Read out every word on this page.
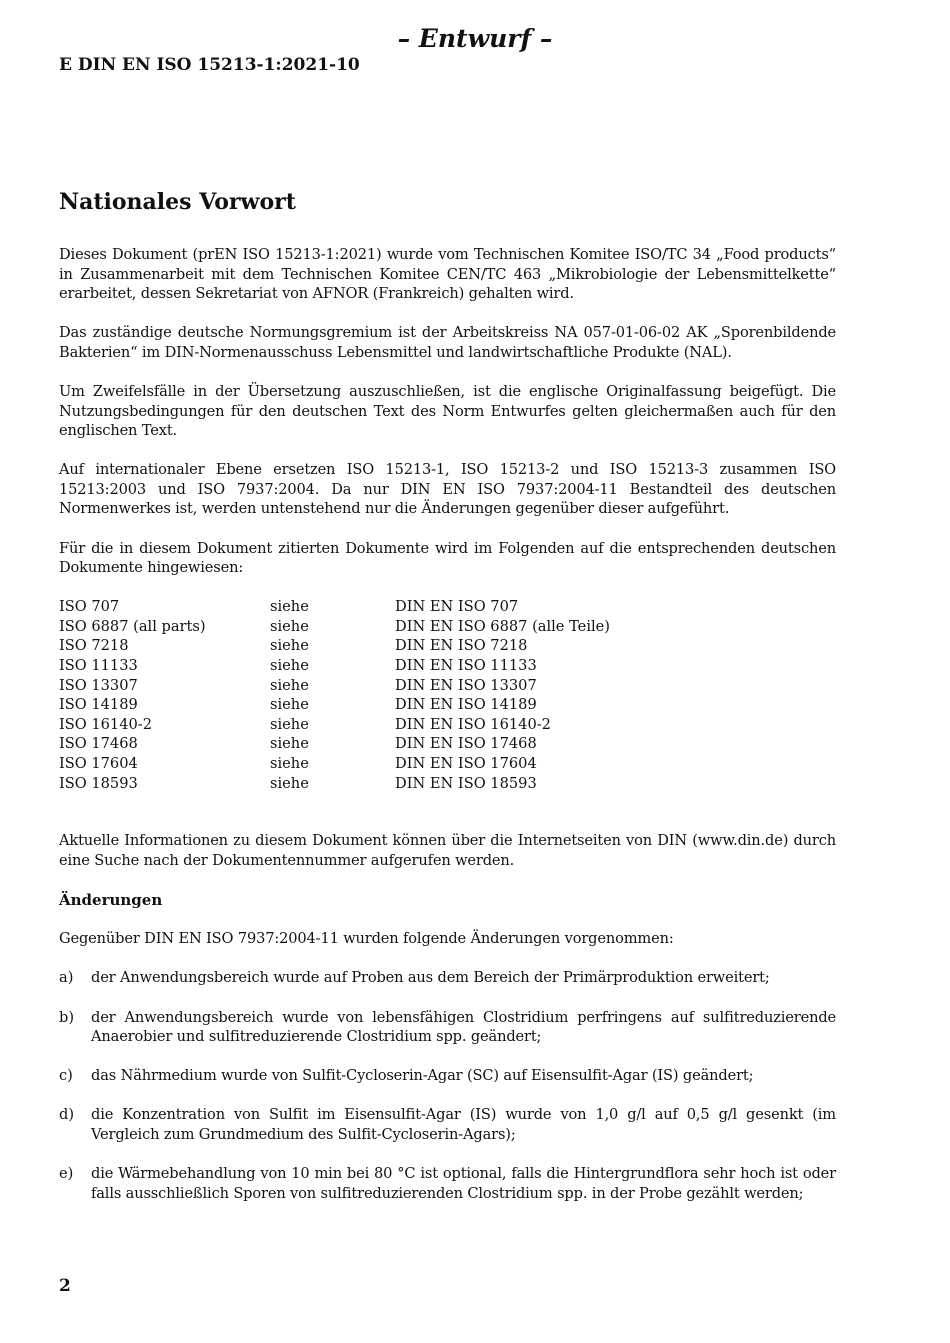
– Entwurf –
E DIN EN ISO 15213-1:2021-10
Nationales Vorwort

Dieses Dokument (prEN ISO 15213-1:2021) wurde vom Technischen Komitee ISO/TC 34 „Food products“ in Zusammenarbeit mit dem Technischen Komitee CEN/TC 463 „Mikrobiologie der Lebensmittelkette“ erarbeitet, dessen Sekretariat von AFNOR (Frankreich) gehalten wird.

Das zuständige deutsche Normungsgremium ist der Arbeitskreiss NA 057-01-06-02 AK „Sporenbildende Bakterien“ im DIN-Normenausschuss Lebensmittel und landwirtschaftliche Produkte (NAL).

Um Zweifelsfälle in der Übersetzung auszuschließen, ist die englische Originalfassung beigefügt. Die Nutzungsbedingungen für den deutschen Text des Norm Entwurfes gelten gleichermaßen auch für den englischen Text.

Auf internationaler Ebene ersetzen ISO 15213-1, ISO 15213-2 und ISO 15213-3 zusammen ISO 15213:2003 und ISO 7937:2004. Da nur DIN EN ISO 7937:2004-11 Bestandteil des deutschen Normenwerkes ist, werden untenstehend nur die Änderungen gegenüber dieser aufgeführt.

Für die in diesem Dokument zitierten Dokumente wird im Folgenden auf die entsprechenden deutschen Dokumente hingewiesen:

ISO 707	siehe	DIN EN ISO 707
ISO 6887 (all parts)	siehe	DIN EN ISO 6887 (alle Teile)
ISO 7218	siehe	DIN EN ISO 7218
ISO 11133	siehe	DIN EN ISO 11133
ISO 13307	siehe	DIN EN ISO 13307
ISO 14189	siehe	DIN EN ISO 14189
ISO 16140-2	siehe	DIN EN ISO 16140-2
ISO 17468	siehe	DIN EN ISO 17468
ISO 17604	siehe	DIN EN ISO 17604
ISO 18593	siehe	DIN EN ISO 18593

Aktuelle Informationen zu diesem Dokument können über die Internetseiten von DIN (www.din.de) durch eine Suche nach der Dokumentennummer aufgerufen werden.

Änderungen

Gegenüber DIN EN ISO 7937:2004-11 wurden folgende Änderungen vorgenommen:

a)	der Anwendungsbereich wurde auf Proben aus dem Bereich der Primärproduktion erweitert;
b)	der Anwendungsbereich wurde von lebensfähigen Clostridium perfringens auf sulfitreduzierende Anaerobier und sulfitreduzierende Clostridium spp. geändert;
c)	das Nährmedium wurde von Sulfit-Cycloserin-Agar (SC) auf Eisensulfit-Agar (IS) geändert;
d)	die Konzentration von Sulfit im Eisensulfit-Agar (IS) wurde von 1,0 g/l auf 0,5 g/l gesenkt (im Vergleich zum Grundmedium des Sulfit-Cycloserin-Agars);
e)	die Wärmebehandlung von 10 min bei 80 °C ist optional, falls die Hintergrundflora sehr hoch ist oder falls ausschließlich Sporen von sulfitreduzierenden Clostridium spp. in der Probe gezählt werden;
2
